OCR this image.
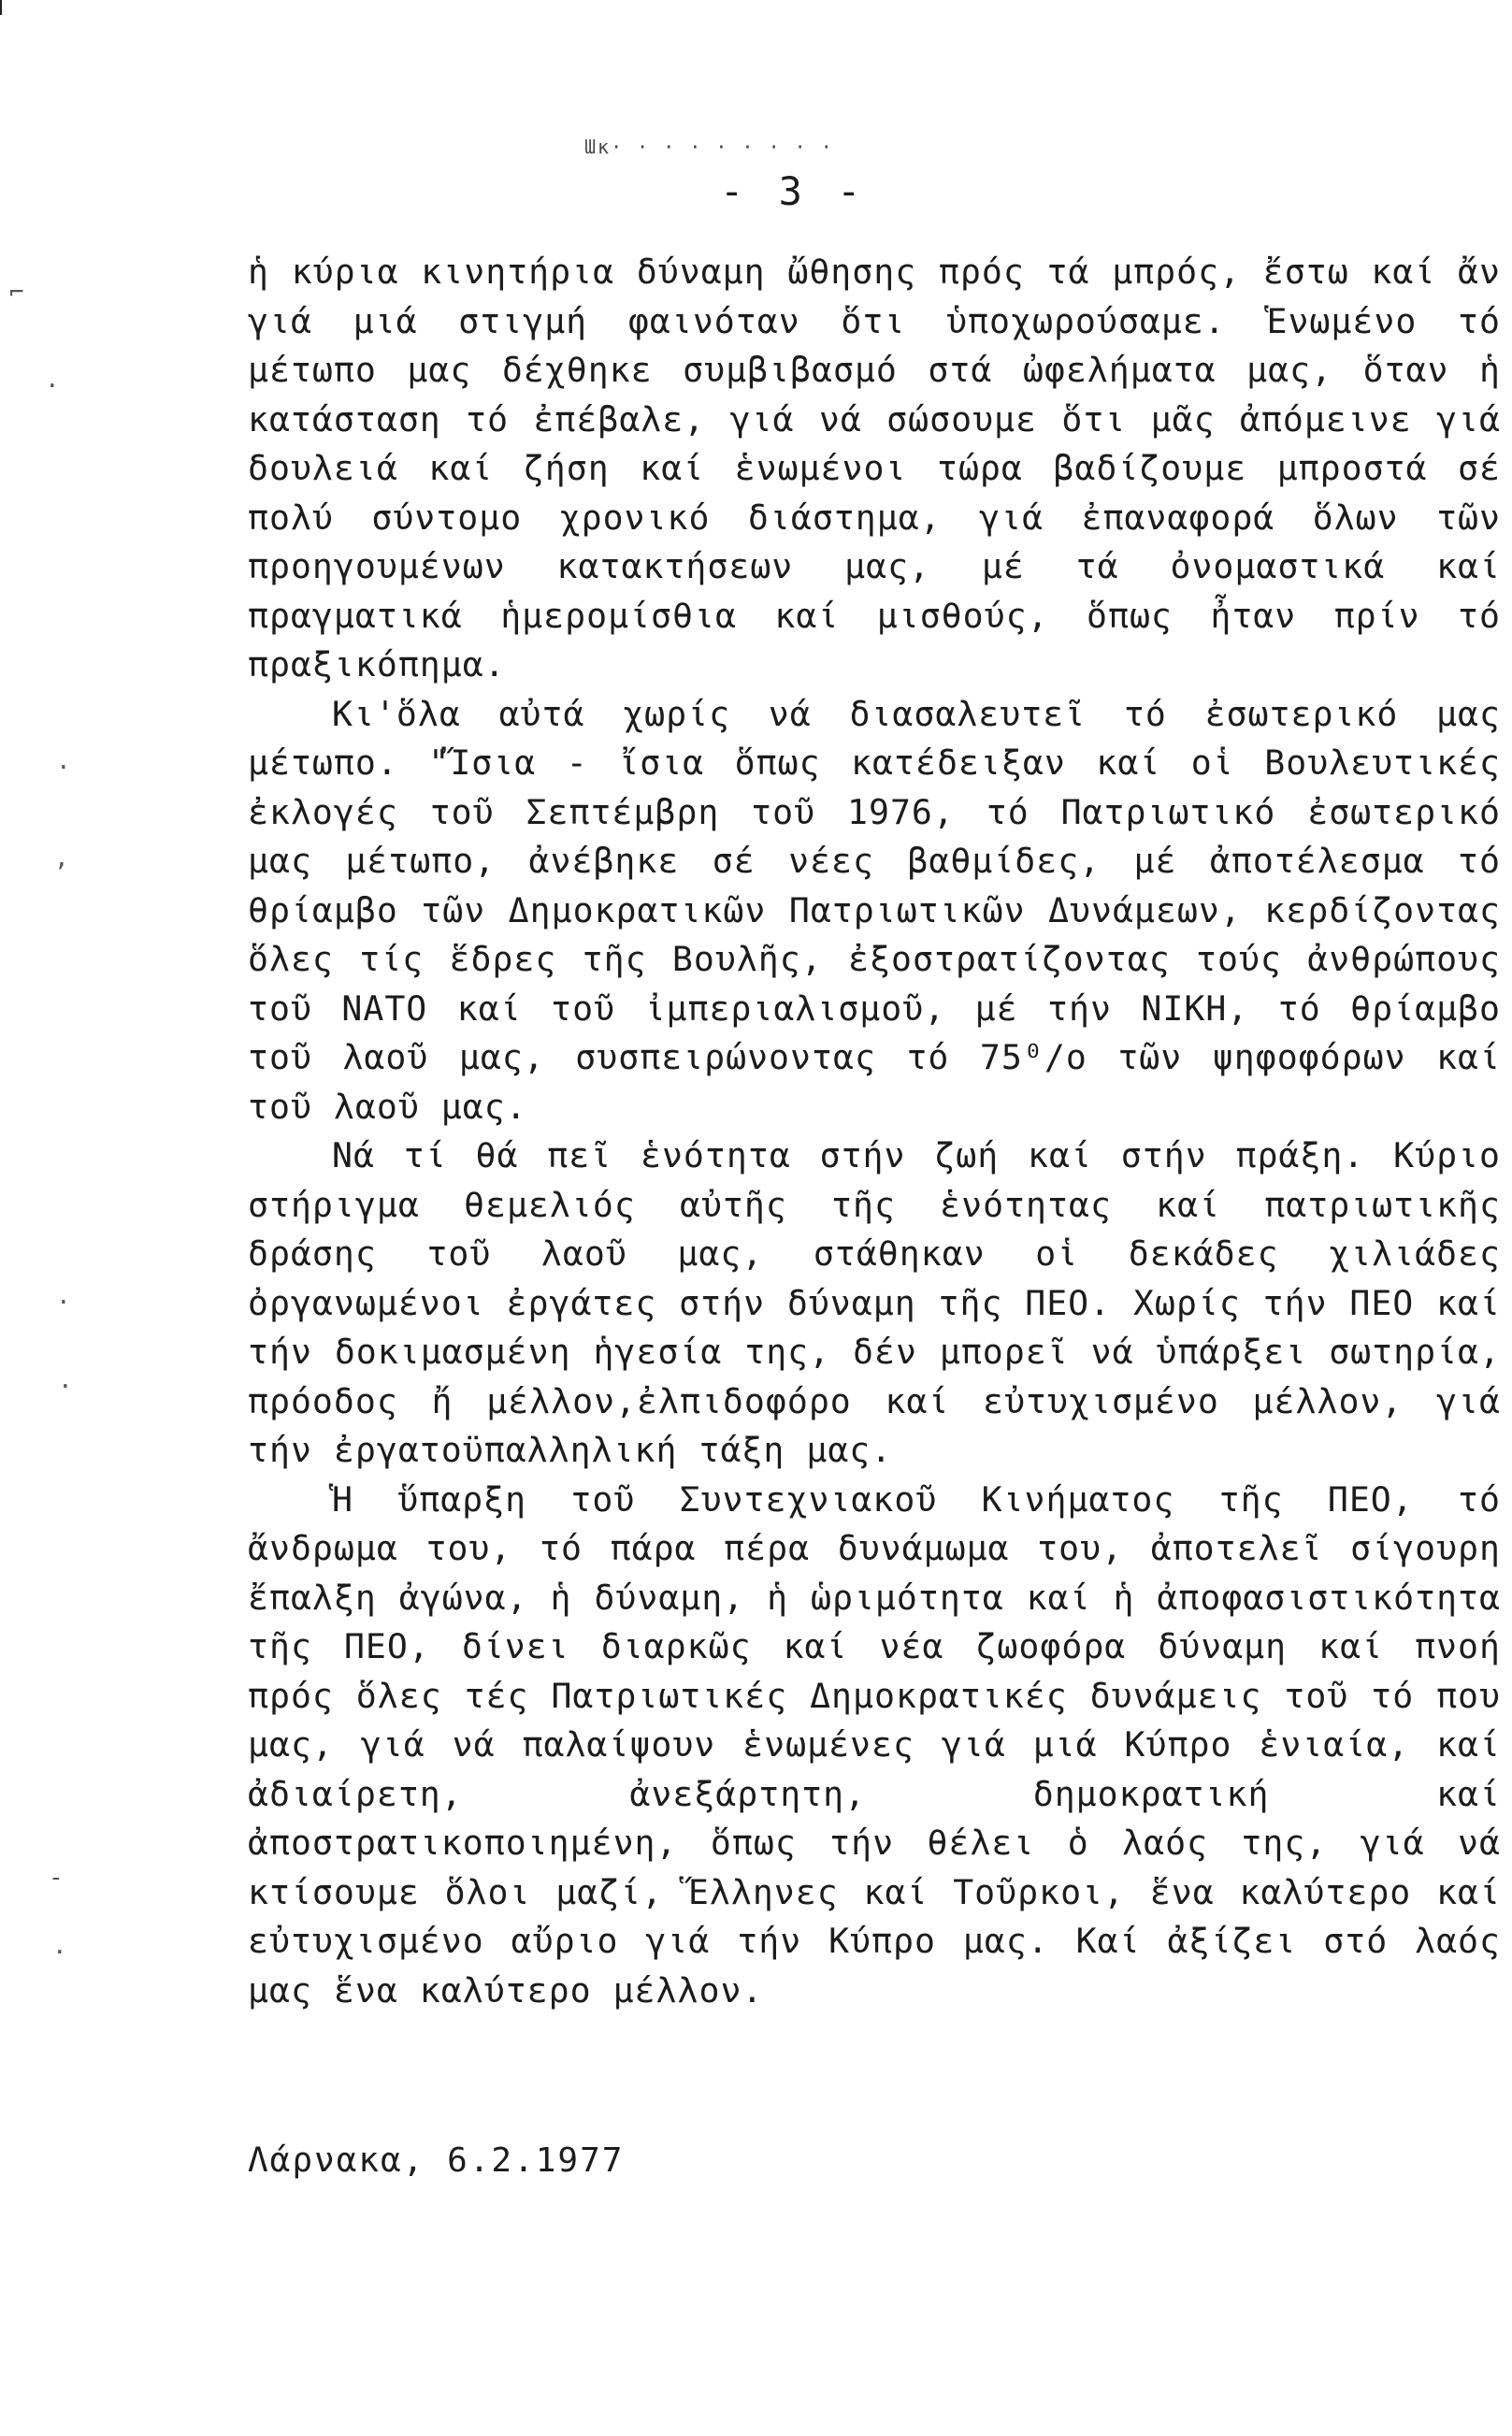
Ɯκ· · · · · · · · ·
- 3 -
⌐
·
·
‚
·
·
-
·

ἡ κύρια κινητήρια δύναμη ὤθησης πρός τά μπρός, ἔστω καί ἄν γιά μιά στιγμή φαινόταν ὅτι ὑποχωρούσαμε. Ἑνωμένο τό μέτωπο μας δέχθηκε συμβιβασμό στά ὠφελήματα μας, ὅταν ἡ κατάσταση τό ἐπέβαλε, γιά νά σώσουμε ὅτι μᾶς ἀπόμεινε γιά δουλειά καί ζήση καί ἑνωμένοι τώρα βαδίζουμε μπροστά σέ πολύ σύντομο χρονικό διάστημα, γιά ἐπαναφορά ὅλων τῶν προηγουμένων κατακτήσεων μας, μέ τά ὀνομαστικά καί πραγματικά ἡμερομίσθια καί μισθούς, ὅπως ἦταν πρίν τό πραξικόπημα.

Κι'ὅλα αὐτά χωρίς νά διασαλευτεῖ τό ἐσωτερικό μας μέτωπο. "Ἴσια - ἴσια ὅπως κατέδειξαν καί οἱ Βουλευτικές ἐκλογές τοῦ Σεπτέμβρη τοῦ 1976, τό Πατριωτικό ἐσωτερικό μας μέτωπο, ἀνέβηκε σέ νέες βαθμίδες, μέ ἀποτέλεσμα τό θρίαμβο τῶν Δημοκρατικῶν Πατριωτικῶν Δυνάμεων, κερδίζοντας ὅλες τίς ἕδρες τῆς Βουλῆς, ἐξοστρατίζοντας τούς ἀνθρώπους τοῦ ΝΑΤΟ καί τοῦ ἰμπεριαλισμοῦ, μέ τήν ΝΙΚΗ, τό θρίαμβο τοῦ λαοῦ μας, συσπειρώνοντας τό 75⁰/ο τῶν ψηφοφόρων καί τοῦ λαοῦ μας.

Νά τί θά πεῖ ἑνότητα στήν ζωή καί στήν πράξη. Κύριο στήριγμα θεμελιός αὐτῆς τῆς ἑνότητας καί πατριωτικῆς δράσης τοῦ λαοῦ μας, στάθηκαν οἱ δεκάδες χιλιάδες ὀργανωμένοι ἐργάτες στήν δύναμη τῆς ΠΕΟ. Χωρίς τήν ΠΕΟ καί τήν δοκιμασμένη ἡγεσία της, δέν μπορεῖ νά ὑπάρξει σωτηρία, πρόοδος ἤ μέλλον,ἐλπιδοφόρο καί εὐτυχισμένο μέλλον, γιά τήν ἐργατοϋπαλληλική τάξη μας.

Ἡ ὕπαρξη τοῦ Συντεχνιακοῦ Κινήματος τῆς ΠΕΟ, τό ἄνδρωμα του, τό πάρα πέρα δυνάμωμα του, ἀποτελεῖ σίγουρη ἔπαλξη ἀγώνα, ἡ δύναμη, ἡ ὡριμότητα καί ἡ ἀποφασιστικότητα τῆς ΠΕΟ, δίνει διαρκῶς καί νέα ζωοφόρα δύναμη καί πνοή πρός ὅλες τές Πατριωτικές Δημοκρατικές δυνάμεις τοῦ τό που μας, γιά νά παλαίψουν ἑνωμένες γιά μιά Κύπρο ἑνιαία, καί ἀδιαίρετη, ἀνεξάρτητη, δημοκρατική καί ἀποστρατικοποιημένη, ὅπως τήν θέλει ὁ λαός της, γιά νά κτίσουμε ὅλοι μαζί, Ἕλληνες καί Τοῦρκοι, ἕνα καλύτερο καί εὐτυχισμένο αὔριο γιά τήν Κύπρο μας. Καί ἀξίζει στό λαός μας ἕνα καλύτερο μέλλον.

Λάρνακα, 6.2.1977
